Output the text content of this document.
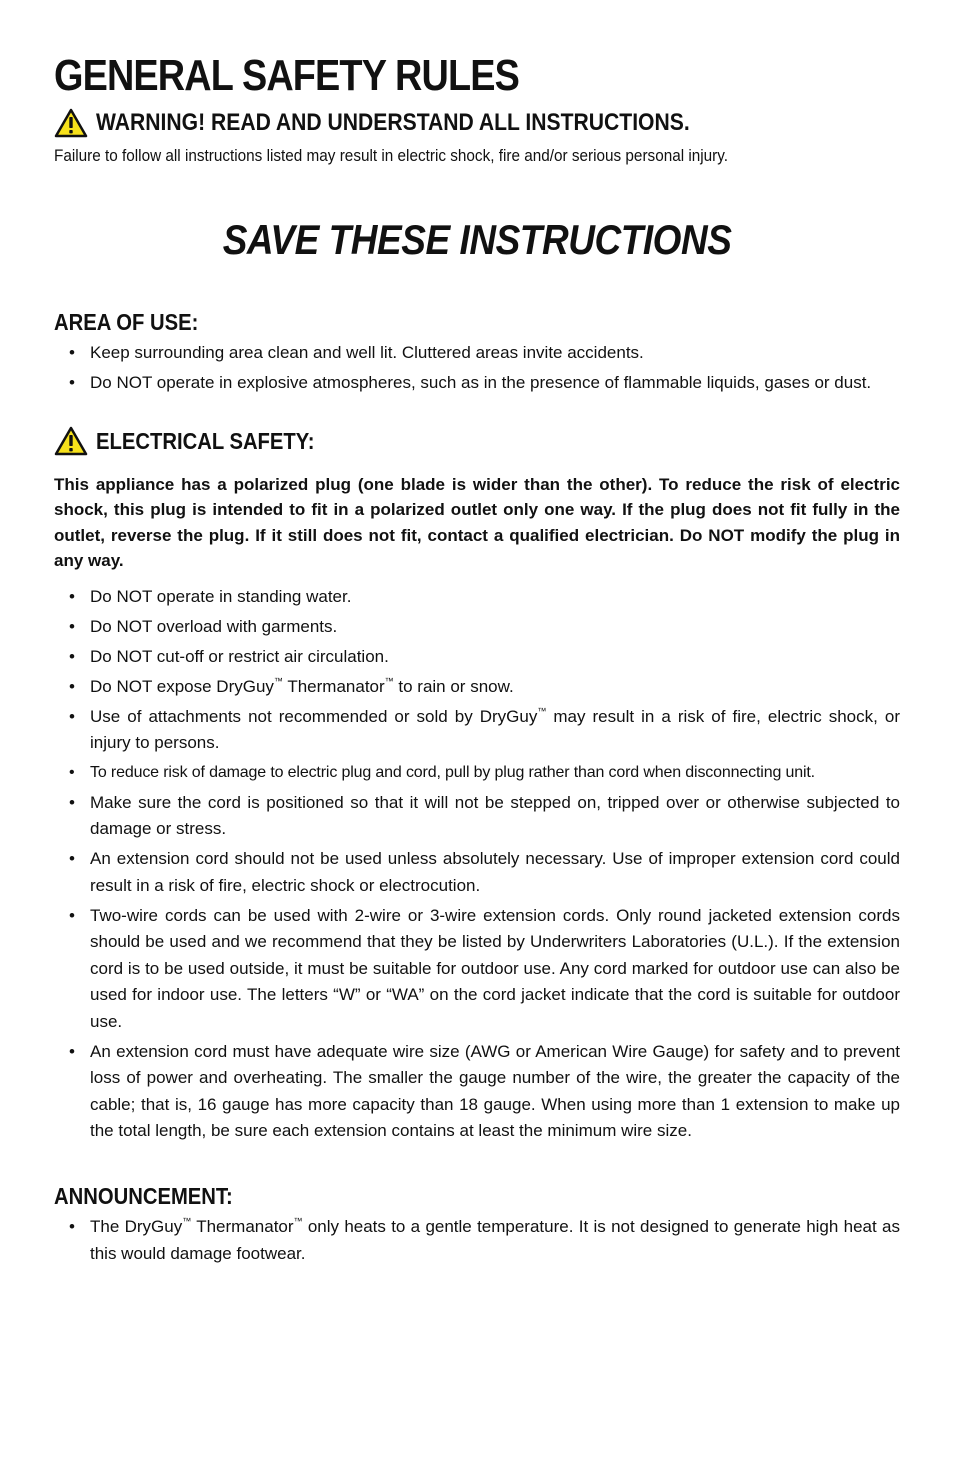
GENERAL SAFETY RULES
WARNING! READ AND UNDERSTAND ALL INSTRUCTIONS.

Failure to follow all instructions listed may result in electric shock, fire and/or serious personal injury.

SAVE THESE INSTRUCTIONS
AREA OF USE:
• Keep surrounding area clean and well lit. Cluttered areas invite accidents.
• Do NOT operate in explosive atmospheres, such as in the presence of flammable liquids, gases or dust.
ELECTRICAL SAFETY:

This appliance has a polarized plug (one blade is wider than the other). To reduce the risk of electric shock, this plug is intended to fit in a polarized outlet only one way. If the plug does not fit fully in the outlet, reverse the plug. If it still does not fit, contact a qualified electrician. Do NOT modify the plug in any way.

• Do NOT operate in standing water.
• Do NOT overload with garments.
• Do NOT cut-off or restrict air circulation.
• Do NOT expose DryGuy™ Thermanator™ to rain or snow.
• Use of attachments not recommended or sold by DryGuy™ may result in a risk of fire, electric shock, or injury to persons.
• To reduce risk of damage to electric plug and cord, pull by plug rather than cord when disconnecting unit.
• Make sure the cord is positioned so that it will not be stepped on, tripped over or otherwise subjected to damage or stress.
• An extension cord should not be used unless absolutely necessary. Use of improper extension cord could result in a risk of fire, electric shock or electrocution.
• Two-wire cords can be used with 2-wire or 3-wire extension cords. Only round jacketed extension cords should be used and we recommend that they be listed by Underwriters Laboratories (U.L.). If the extension cord is to be used outside, it must be suitable for outdoor use. Any cord marked for outdoor use can also be used for indoor use. The letters “W” or “WA” on the cord jacket indicate that the cord is suitable for outdoor use.
• An extension cord must have adequate wire size (AWG or American Wire Gauge) for safety and to prevent loss of power and overheating. The smaller the gauge number of the wire, the greater the capacity of the cable; that is, 16 gauge has more capacity than 18 gauge. When using more than 1 extension to make up the total length, be sure each extension contains at least the minimum wire size.
ANNOUNCEMENT:
• The DryGuy™ Thermanator™ only heats to a gentle temperature. It is not designed to generate high heat as this would damage footwear.
